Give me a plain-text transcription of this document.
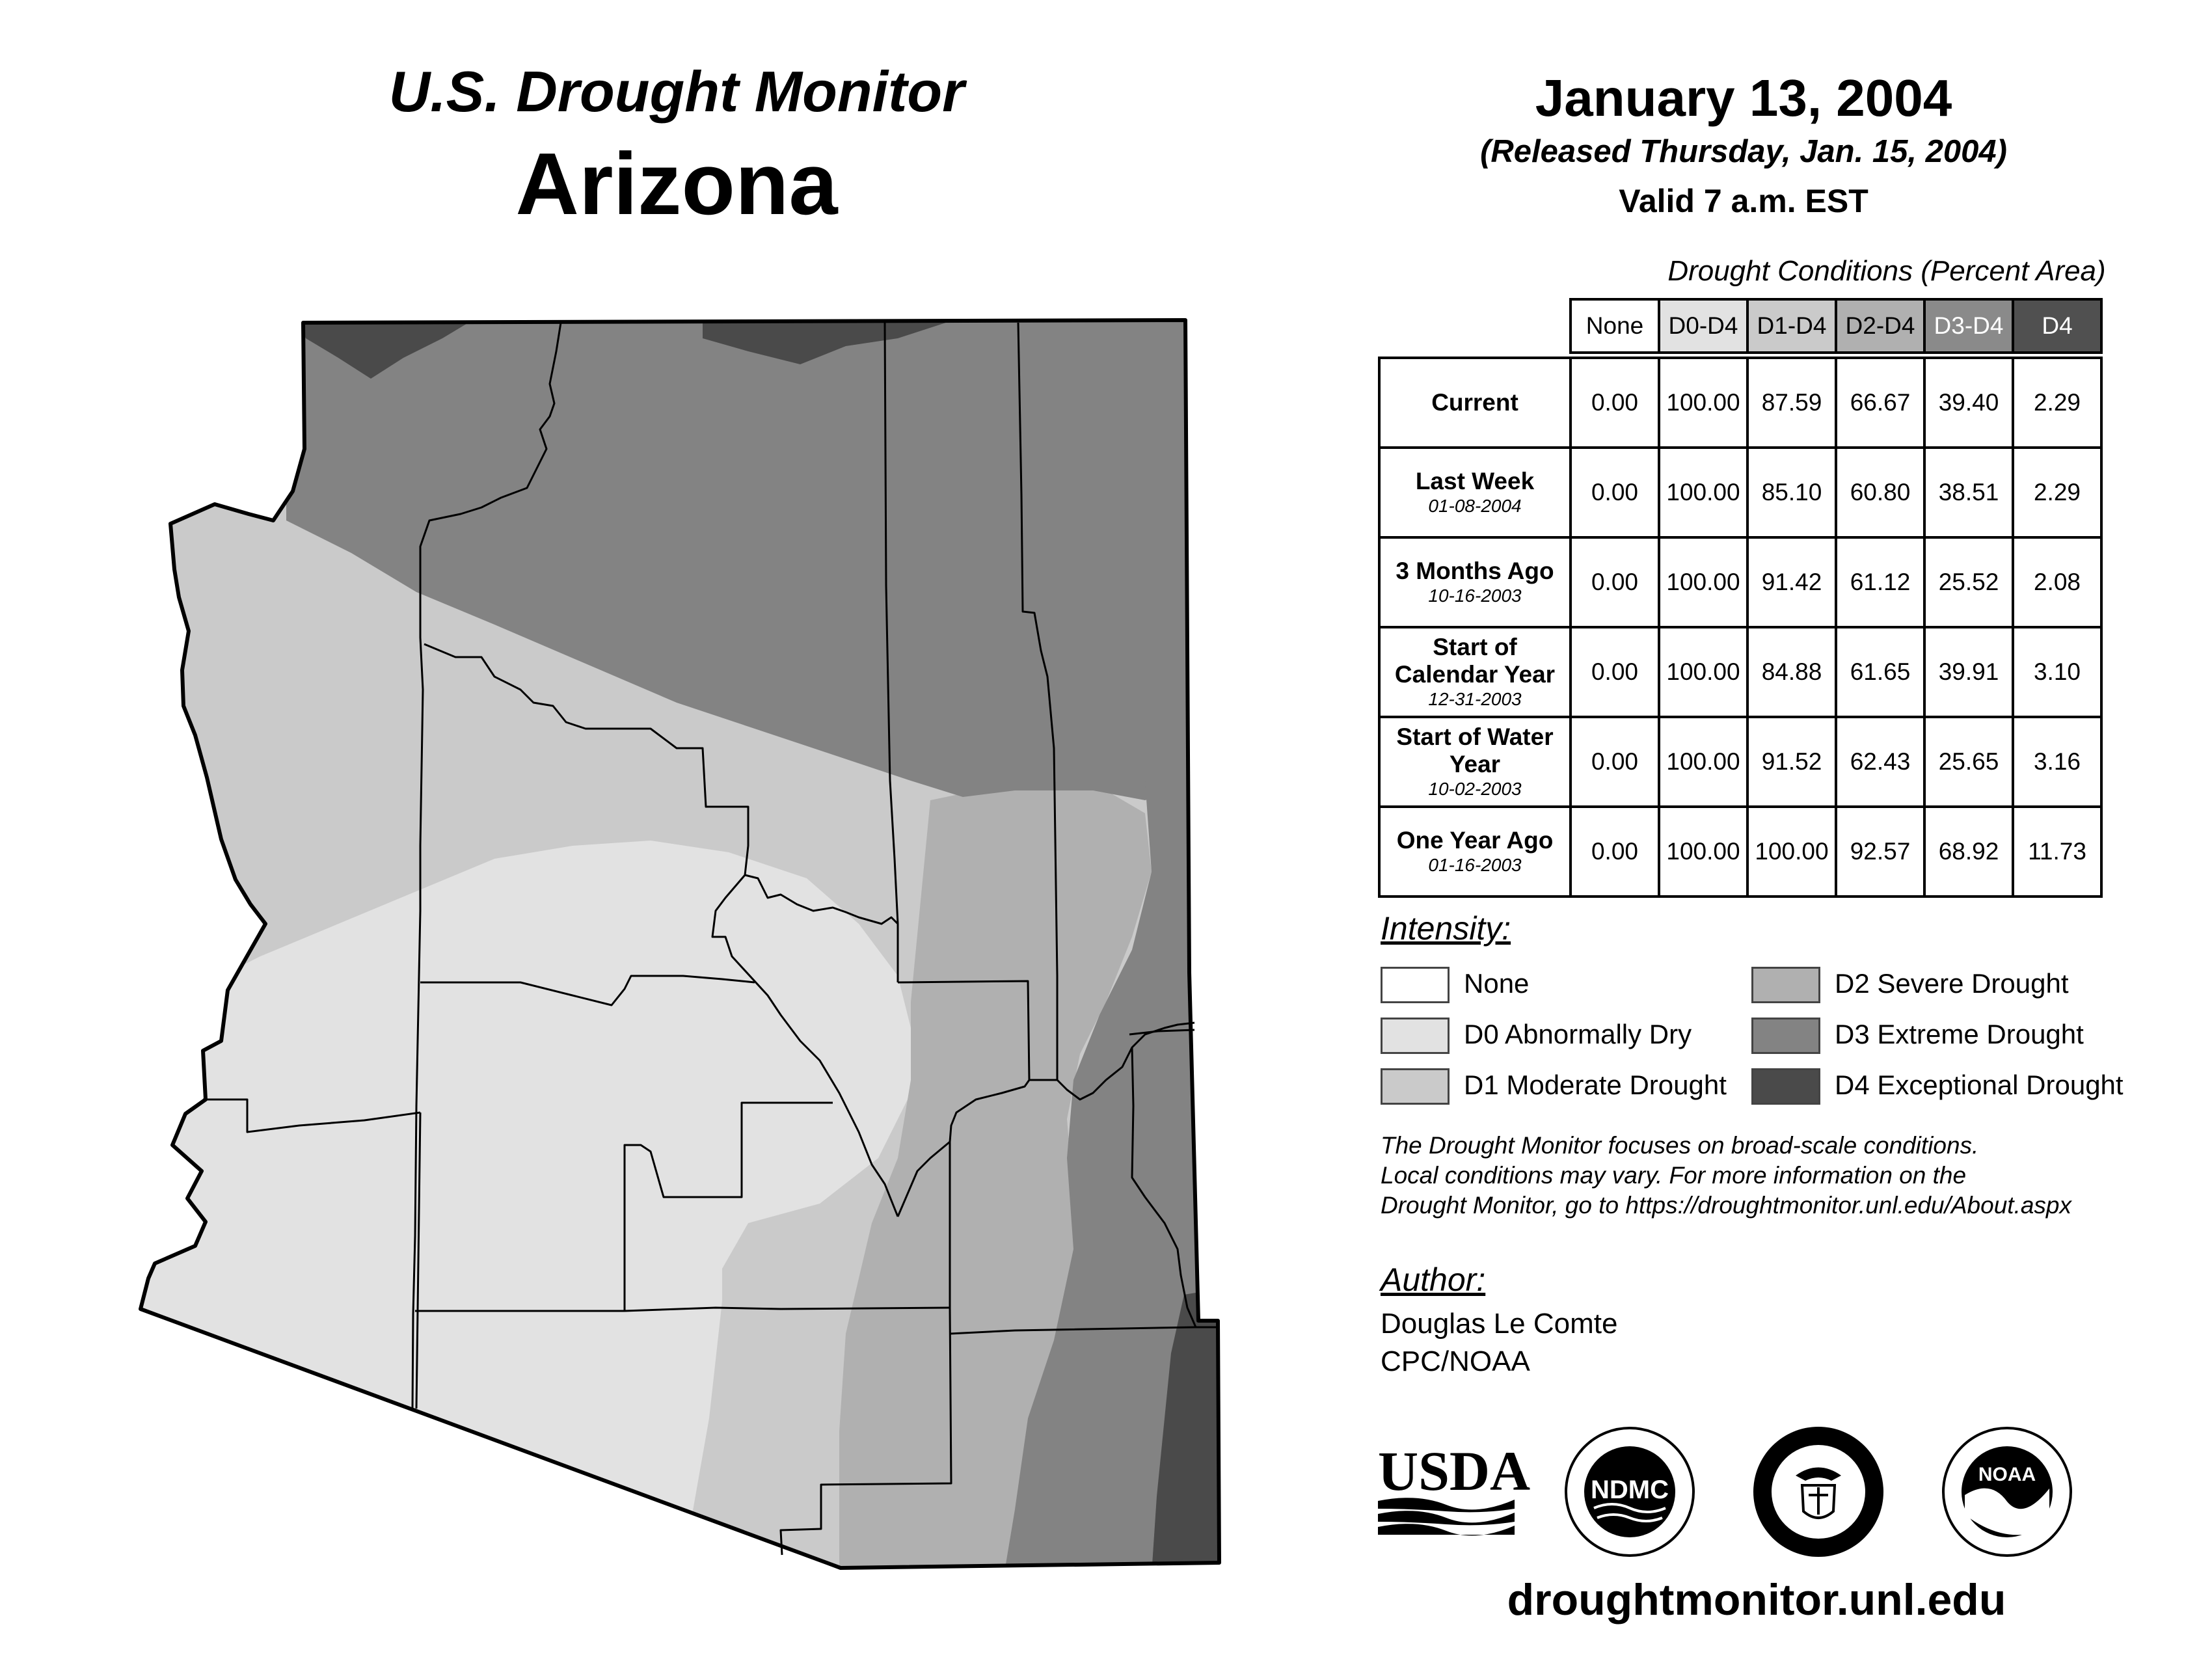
U.S. Drought Monitor
Arizona
January 13, 2004
(Released Thursday, Jan. 15, 2004)
Valid 7 a.m. EST
Drought Conditions (Percent Area)
	None	D0-D4	D1-D4	D2-D4	D3-D4	D4

Current	0.00	100.00	87.59	66.67	39.40	2.29
Last Week
01-08-2004	0.00	100.00	85.10	60.80	38.51	2.29
3 Months Ago
10-16-2003	0.00	100.00	91.42	61.12	25.52	2.08
Start of Calendar Year
12-31-2003	0.00	100.00	84.88	61.65	39.91	3.10
Start of Water Year
10-02-2003	0.00	100.00	91.52	62.43	25.65	3.16
One Year Ago
01-16-2003	0.00	100.00	100.00	92.57	68.92	11.73
Intensity:
None
D0 Abnormally Dry
D1 Moderate Drought
D2 Severe Drought
D3 Extreme Drought
D4 Exceptional Drought
The Drought Monitor focuses on broad-scale conditions.
Local conditions may vary. For more information on the
Drought Monitor, go to https://droughtmonitor.unl.edu/About.aspx
Author:
Douglas Le Comte
CPC/NOAA
USDA NDMC
NOAA
droughtmonitor.unl.edu
